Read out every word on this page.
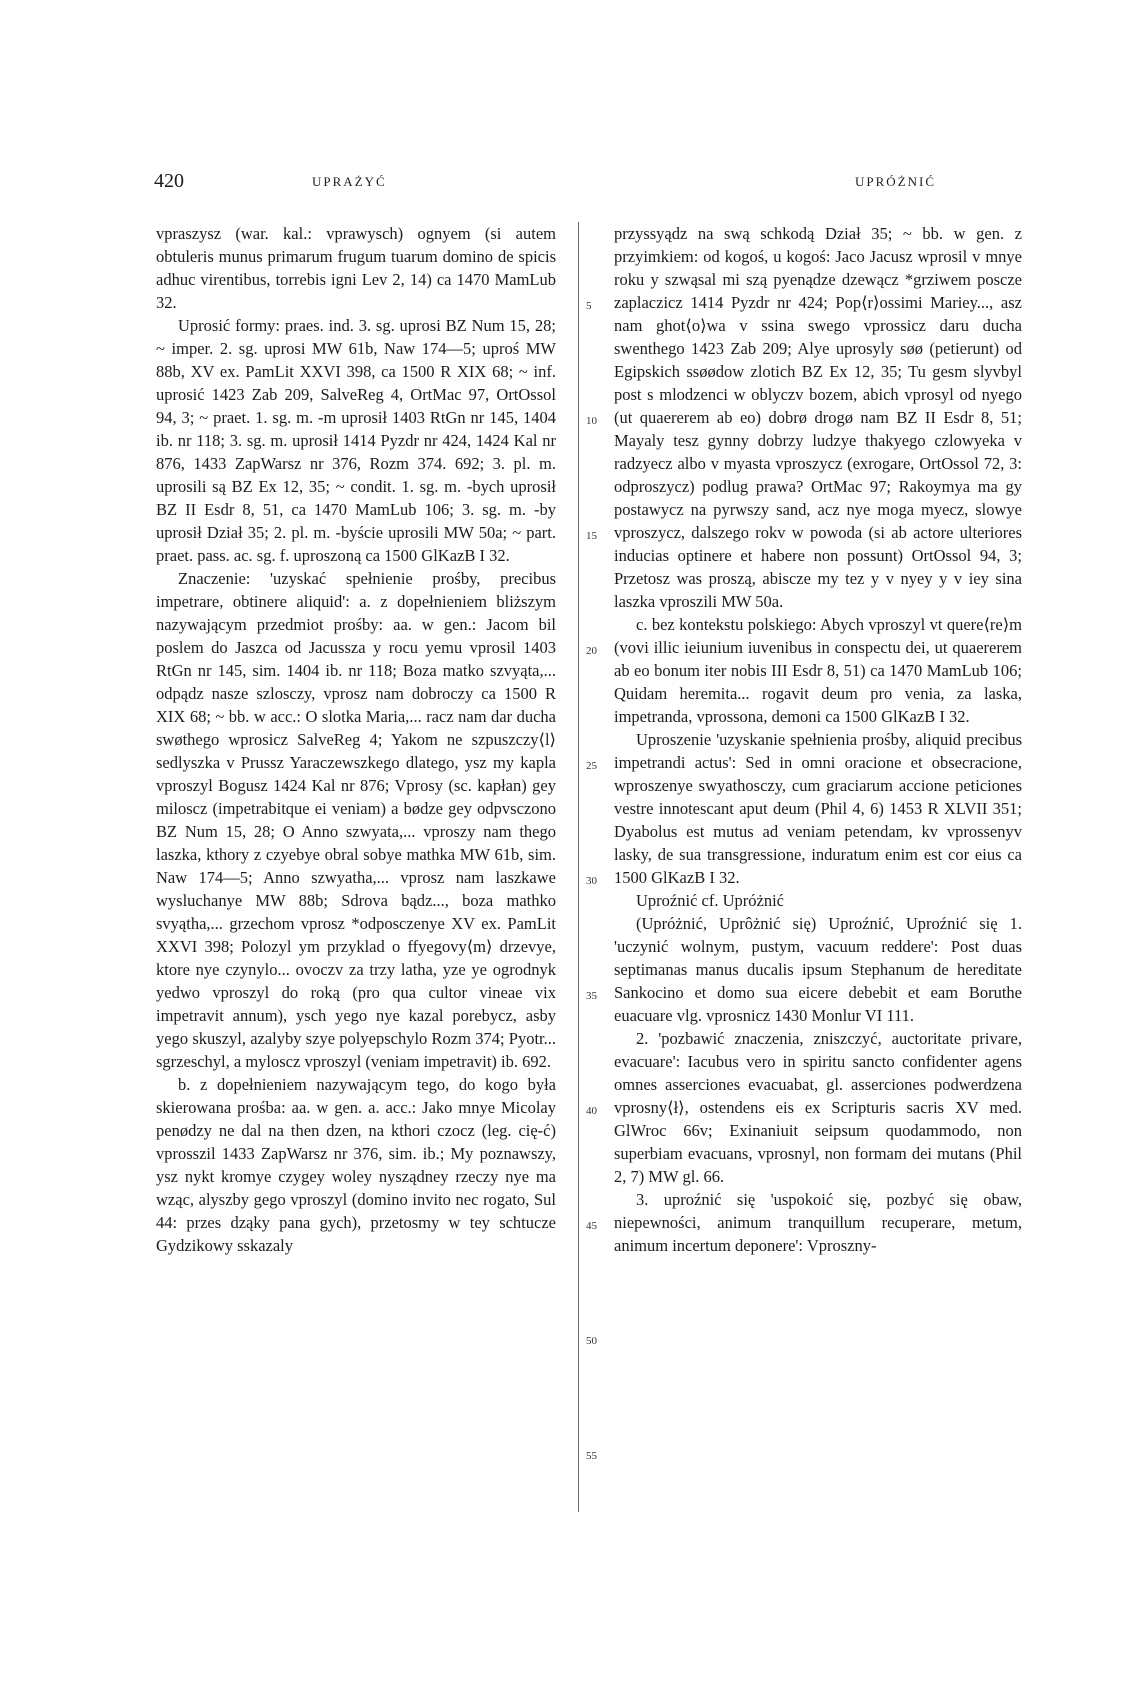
420	UPRAŻYĆ	UPRÓŻNIĆ

vpraszysz (war. kal.: vprawysch) ognyem (si autem obtuleris munus primarum frugum tuarum domino de spicis adhuc virentibus, torrebis igni Lev 2, 14) ca 1470 MamLub 32.

Uprosić formy: praes. ind. 3. sg. uprosi BZ Num 15, 28; ~ imper. 2. sg. uprosi MW 61b, Naw 174—5; uproś MW 88b, XV ex. PamLit XXVI 398, ca 1500 R XIX 68; ~ inf. uprosić 1423 Zab 209, SalveReg 4, OrtMac 97, OrtOssol 94, 3; ~ praet. 1. sg. m. -m uprosił 1403 RtGn nr 145, 1404 ib. nr 118; 3. sg. m. uprosił 1414 Pyzdr nr 424, 1424 Kal nr 876, 1433 ZapWarsz nr 376, Rozm 374. 692; 3. pl. m. uprosili są BZ Ex 12, 35; ~ condit. 1. sg. m. -bych uprosił BZ II Esdr 8, 51, ca 1470 MamLub 106; 3. sg. m. -by uprosił Dział 35; 2. pl. m. -byście uprosili MW 50a; ~ part. praet. pass. ac. sg. f. uproszoną ca 1500 GlKazB I 32.

Znaczenie: 'uzyskać spełnienie prośby, precibus impetrare, obtinere aliquid': a. z dopełnieniem bliższym nazywającym przedmiot prośby: aa. w gen.: Jacom bil poslem do Jaszca od Jacussza y rocu yemu vprosil 1403 RtGn nr 145, sim. 1404 ib. nr 118; Boza matko szvyąta,... odpądz nasze szlosczy, vprosz nam dobroczy ca 1500 R XIX 68; ~ bb. w acc.: O slotka Maria,... racz nam dar ducha swøthego wprosicz SalveReg 4; Yakom ne szpuszczy⟨l⟩ sedlyszka v Prussz Yaraczewszkego dlatego, ysz my kapla vproszyl Bogusz 1424 Kal nr 876; Vprosy (sc. kapłan) gey miloscz (impetrabitque ei veniam) a bødze gey odpvsczono BZ Num 15, 28; O Anno szwyata,... vproszy nam thego laszka, kthory z czyebye obral sobye mathka MW 61b, sim. Naw 174—5; Anno szwyatha,... vprosz nam laszkawe wysluchanye MW 88b; Sdrova bądz..., boza mathko svyątha,... grzechom vprosz *odposczenye XV ex. PamLit XXVI 398; Polozyl ym przyklad o ffyegovy⟨m⟩ drzevye, ktore nye czynylo... ovoczv za trzy latha, yze ye ogrodnyk yedwo vproszyl do roką (pro qua cultor vineae vix impetravit annum), ysch yego nye kazal porebycz, asby yego skuszyl, azalyby szye polyepschylo Rozm 374; Pyotr... sgrzeschyl, a myloscz vproszyl (veniam impetravit) ib. 692.

b. z dopełnieniem nazywającym tego, do kogo była skierowana prośba: aa. w gen. a. acc.: Jako mnye Micolay penødzy ne dal na then dzen, na kthori czocz (leg. cię-ć) vprosszil 1433 ZapWarsz nr 376, sim. ib.; My poznawszy, ysz nykt kromye czygey woley nysządney rzeczy nye ma wząc, alyszby gego vproszyl (domino invito nec rogato, Sul 44: przes dząky pana gych), przetosmy w tey schtucze Gydzikowy sskazaly

5
10
15
20
25
30
35
40
45
50
55

przyssyądz na swą schkodą Dział 35; ~ bb. w gen. z przyimkiem: od kogoś, u kogoś: Jaco Jacusz wprosil v mnye roku y szwąsal mi szą pyenądze dzewącz *grziwem poscze zaplaczicz 1414 Pyzdr nr 424; Pop⟨r⟩ossimi Mariey..., asz nam ghot⟨o⟩wa v ssina swego vprossicz daru ducha swenthego 1423 Zab 209; Alye uprosyly søø (petierunt) od Egipskich ssøødow zlotich BZ Ex 12, 35; Tu gesm slyvbyl post s mlodzenci w oblyczv bozem, abich vprosyl od nyego (ut quaererem ab eo) dobrø drogø nam BZ II Esdr 8, 51; Mayaly tesz gynny dobrzy ludzye thakyego czlowyeka v radzyecz albo v myasta vproszycz (exrogare, OrtOssol 72, 3: odproszycz) podlug prawa? OrtMac 97; Rakoymya ma gy postawycz na pyrwszy sand, acz nye moga myecz, slowye vproszycz, dalszego rokv w powoda (si ab actore ulteriores inducias optinere et habere non possunt) OrtOssol 94, 3; Przetosz was proszą, abiscze my tez y v nyey y v iey sina laszka vproszili MW 50a.

c. bez kontekstu polskiego: Abych vproszyl vt quere⟨re⟩m (vovi illic ieiunium iuvenibus in conspectu dei, ut quaererem ab eo bonum iter nobis III Esdr 8, 51) ca 1470 MamLub 106; Quidam heremita... rogavit deum pro venia, za laska, impetranda, vprossona, demoni ca 1500 GlKazB I 32.

Uproszenie 'uzyskanie spełnienia prośby, aliquid precibus impetrandi actus': Sed in omni oracione et obsecracione, wproszenye swyathosczy, cum graciarum accione peticiones vestre innotescant aput deum (Phil 4, 6) 1453 R XLVII 351; Dyabolus est mutus ad veniam petendam, kv vprossenyv lasky, de sua transgressione, induratum enim est cor eius ca 1500 GlKazB I 32.

Uproźnić cf. Upróżnić

(Upróżnić, Uprôżnić się) Uproźnić, Uproźnić się 1. 'uczynić wolnym, pustym, vacuum reddere': Post duas septimanas manus ducalis ipsum Stephanum de hereditate Sankocino et domo sua eicere debebit et eam Boruthe euacuare vlg. vprosnicz 1430 Monlur VI 111.

2. 'pozbawić znaczenia, zniszczyć, auctoritate privare, evacuare': Iacubus vero in spiritu sancto confidenter agens omnes asserciones evacuabat, gl. asserciones podwerdzena vprosny⟨ł⟩, ostendens eis ex Scripturis sacris XV med. GlWroc 66v; Exinaniuit seipsum quodammodo, non superbiam evacuans, vprosnyl, non formam dei mutans (Phil 2, 7) MW gl. 66.

3. uproźnić się 'uspokoić się, pozbyć się obaw, niepewności, animum tranquillum recuperare, metum, animum incertum deponere': Vproszny-
